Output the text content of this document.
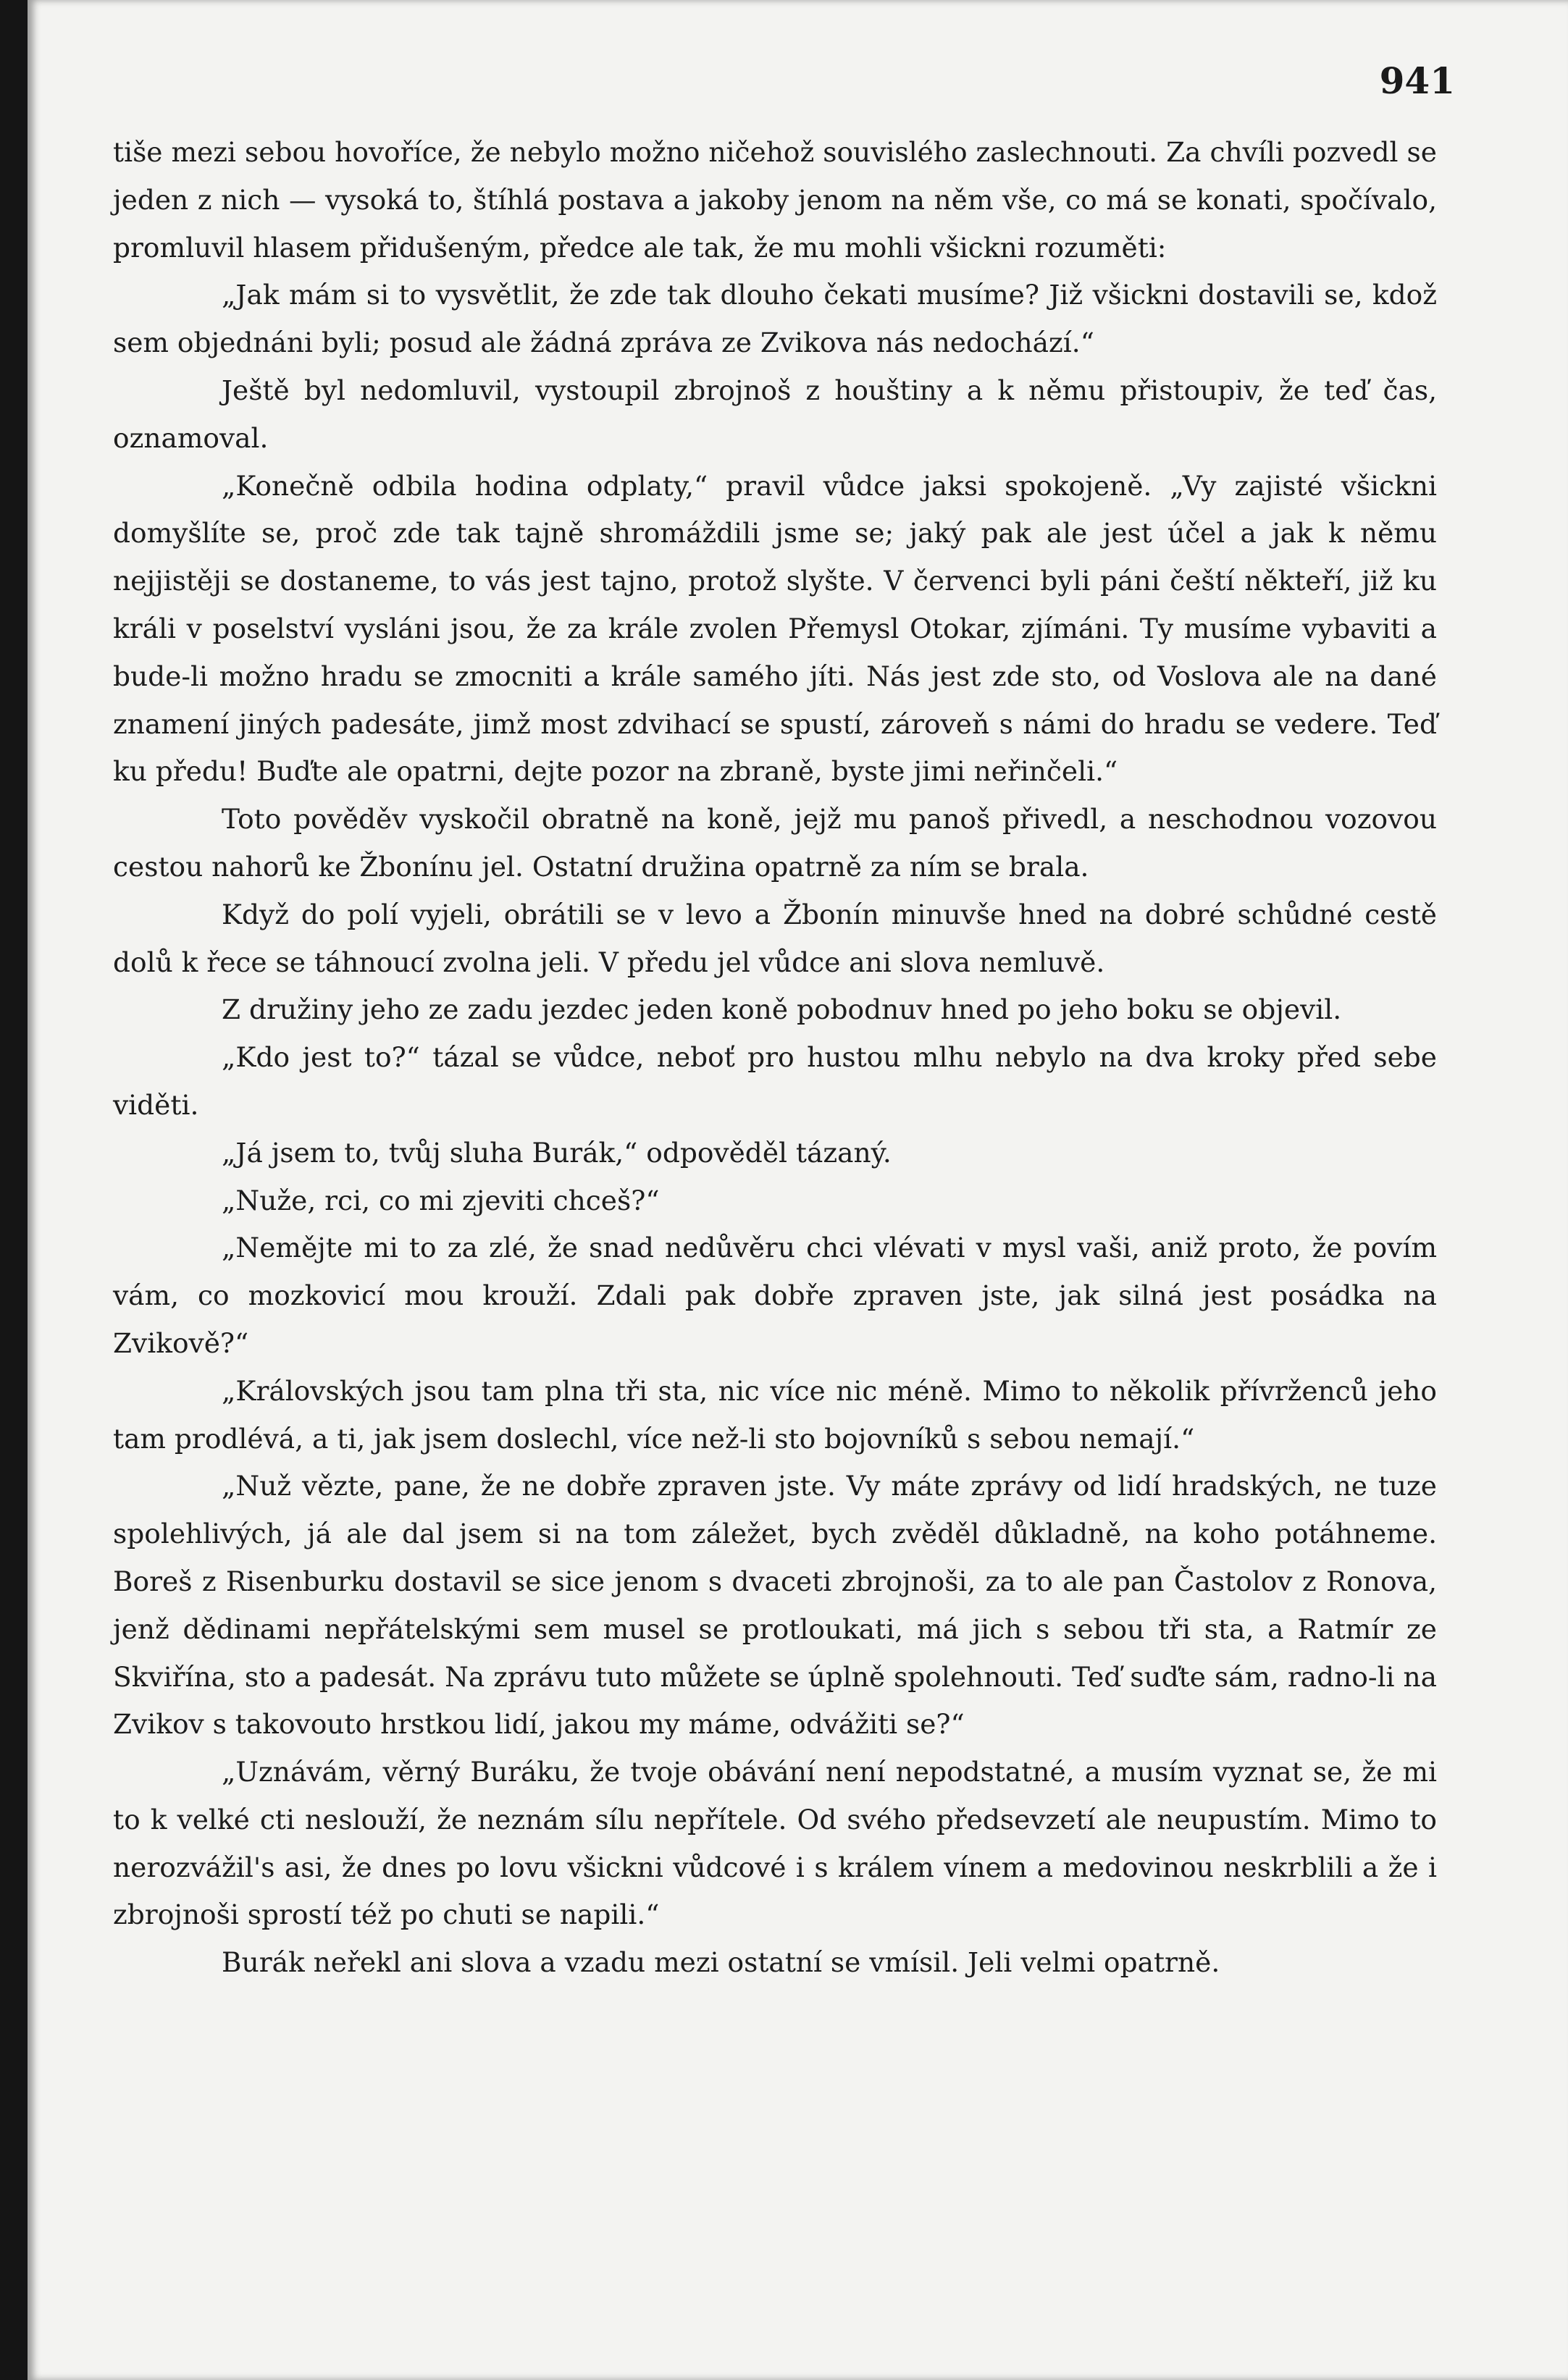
941

tiše mezi sebou hovoříce, že nebylo možno ničehož souvislého zaslechnouti. Za chvíli pozvedl se jeden z nich — vysoká to, štíhlá postava a jakoby jenom na něm vše, co má se konati, spočívalo, promluvil hlasem přidušeným, předce ale tak, že mu mohli všickni rozuměti:

„Jak mám si to vysvětlit, že zde tak dlouho čekati musíme? Již všickni dostavili se, kdož sem objednáni byli; posud ale žádná zpráva ze Zvikova nás nedochází.“

Ještě byl nedomluvil, vystoupil zbrojnoš z houštiny a k němu přistoupiv, že teď čas, oznamoval.

„Konečně odbila hodina odplaty,“ pravil vůdce jaksi spokojeně. „Vy zajisté všickni domyšlíte se, proč zde tak tajně shromáždili jsme se; jaký pak ale jest účel a jak k němu nejjistěji se dostaneme, to vás jest tajno, protož slyšte. V červenci byli páni čeští někteří, již ku králi v poselství vysláni jsou, že za krále zvolen Přemysl Otokar, zjímáni. Ty musíme vybaviti a bude-li možno hradu se zmocniti a krále samého jíti. Nás jest zde sto, od Voslova ale na dané znamení jiných padesáte, jimž most zdvihací se spustí, zároveň s námi do hradu se vedere. Teď ku předu! Buďte ale opatrni, dejte pozor na zbraně, byste jimi neřinčeli.“

Toto pověděv vyskočil obratně na koně, jejž mu panoš přivedl, a neschodnou vozovou cestou nahorů ke Žbonínu jel. Ostatní družina opatrně za ním se brala.

Když do polí vyjeli, obrátili se v levo a Žbonín minuvše hned na dobré schůdné cestě dolů k řece se táhnoucí zvolna jeli. V předu jel vůdce ani slova nemluvě.

Z družiny jeho ze zadu jezdec jeden koně pobodnuv hned po jeho boku se objevil.

„Kdo jest to?“ tázal se vůdce, neboť pro hustou mlhu nebylo na dva kroky před sebe viděti.

„Já jsem to, tvůj sluha Burák,“ odpověděl tázaný.

„Nuže, rci, co mi zjeviti chceš?“

„Nemějte mi to za zlé, že snad nedůvěru chci vlévati v mysl vaši, aniž proto, že povím vám, co mozkovicí mou krouží. Zdali pak dobře zpraven jste, jak silná jest posádka na Zvikově?“

„Královských jsou tam plna tři sta, nic více nic méně. Mimo to několik přívrženců jeho tam prodlévá, a ti, jak jsem doslechl, více než-li sto bojovníků s sebou nemají.“

„Nuž vězte, pane, že ne dobře zpraven jste. Vy máte zprávy od lidí hradských, ne tuze spolehlivých, já ale dal jsem si na tom záležet, bych zvěděl důkladně, na koho potáhneme. Boreš z Risenburku dostavil se sice jenom s dvaceti zbrojnoši, za to ale pan Častolov z Ronova, jenž dědinami nepřátelskými sem musel se protloukati, má jich s sebou tři sta, a Ratmír ze Skviřína, sto a padesát. Na zprávu tuto můžete se úplně spolehnouti. Teď suďte sám, radno-li na Zvikov s takovouto hrstkou lidí, jakou my máme, odvážiti se?“

„Uznávám, věrný Buráku, že tvoje obávání není nepodstatné, a musím vyznat se, že mi to k velké cti neslouží, že neznám sílu nepřítele. Od svého předsevzetí ale neupustím. Mimo to nerozvážil's asi, že dnes po lovu všickni vůdcové i s králem vínem a medovinou neskrblili a že i zbrojnoši sprostí též po chuti se napili.“

Burák neřekl ani slova a vzadu mezi ostatní se vmísil. Jeli velmi opatrně.
